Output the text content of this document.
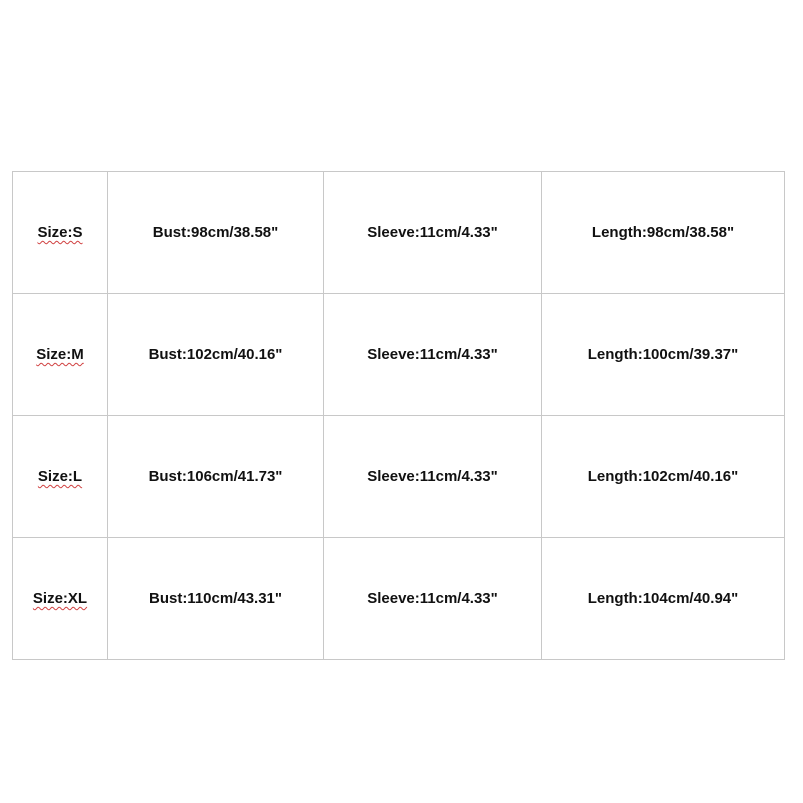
Size:S	Bust:98cm/38.58"	Sleeve:11cm/4.33"	Length:98cm/38.58"
Size:M	Bust:102cm/40.16"	Sleeve:11cm/4.33"	Length:100cm/39.37"
Size:L	Bust:106cm/41.73"	Sleeve:11cm/4.33"	Length:102cm/40.16"
Size:XL	Bust:110cm/43.31"	Sleeve:11cm/4.33"	Length:104cm/40.94"
